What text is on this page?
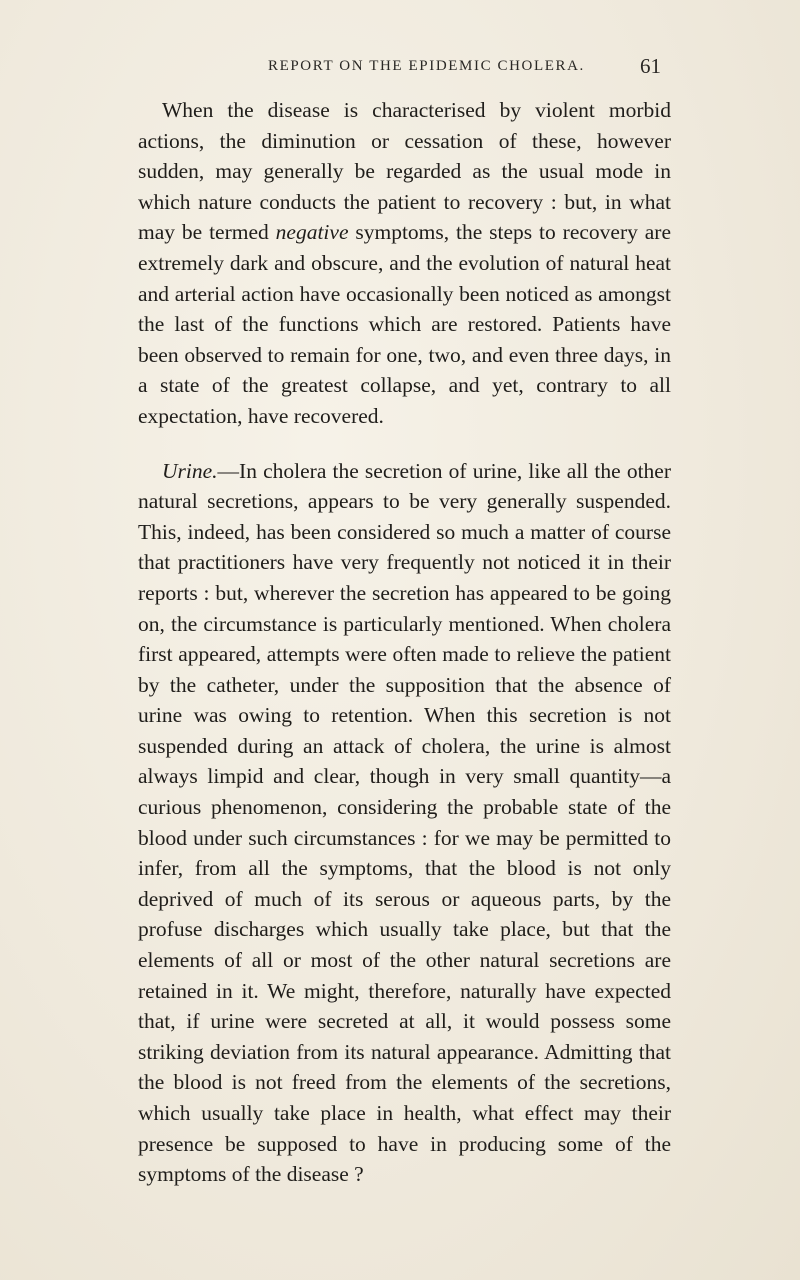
REPORT ON THE EPIDEMIC CHOLERA.	61

When the disease is characterised by violent morbid actions, the diminution or cessation of these, however sudden, may generally be regarded as the usual mode in which nature conducts the patient to recovery : but, in what may be termed negative symptoms, the steps to recovery are extremely dark and obscure, and the evolution of natural heat and arterial action have occasionally been noticed as amongst the last of the functions which are restored. Patients have been observed to remain for one, two, and even three days, in a state of the greatest collapse, and yet, contrary to all expectation, have recovered.

Urine.—In cholera the secretion of urine, like all the other natural secretions, appears to be very generally suspended. This, indeed, has been considered so much a matter of course that practitioners have very frequently not noticed it in their reports : but, wherever the secretion has appeared to be going on, the circumstance is particularly mentioned. When cholera first appeared, attempts were often made to relieve the patient by the catheter, under the supposition that the absence of urine was owing to retention. When this secretion is not suspended during an attack of cholera, the urine is almost always limpid and clear, though in very small quantity—a curious phenomenon, considering the probable state of the blood under such circumstances : for we may be permitted to infer, from all the symptoms, that the blood is not only deprived of much of its serous or aqueous parts, by the profuse discharges which usually take place, but that the elements of all or most of the other natural secretions are retained in it. We might, therefore, naturally have expected that, if urine were secreted at all, it would possess some striking deviation from its natural appearance. Admitting that the blood is not freed from the elements of the secretions, which usually take place in health, what effect may their presence be supposed to have in producing some of the symptoms of the disease ?
